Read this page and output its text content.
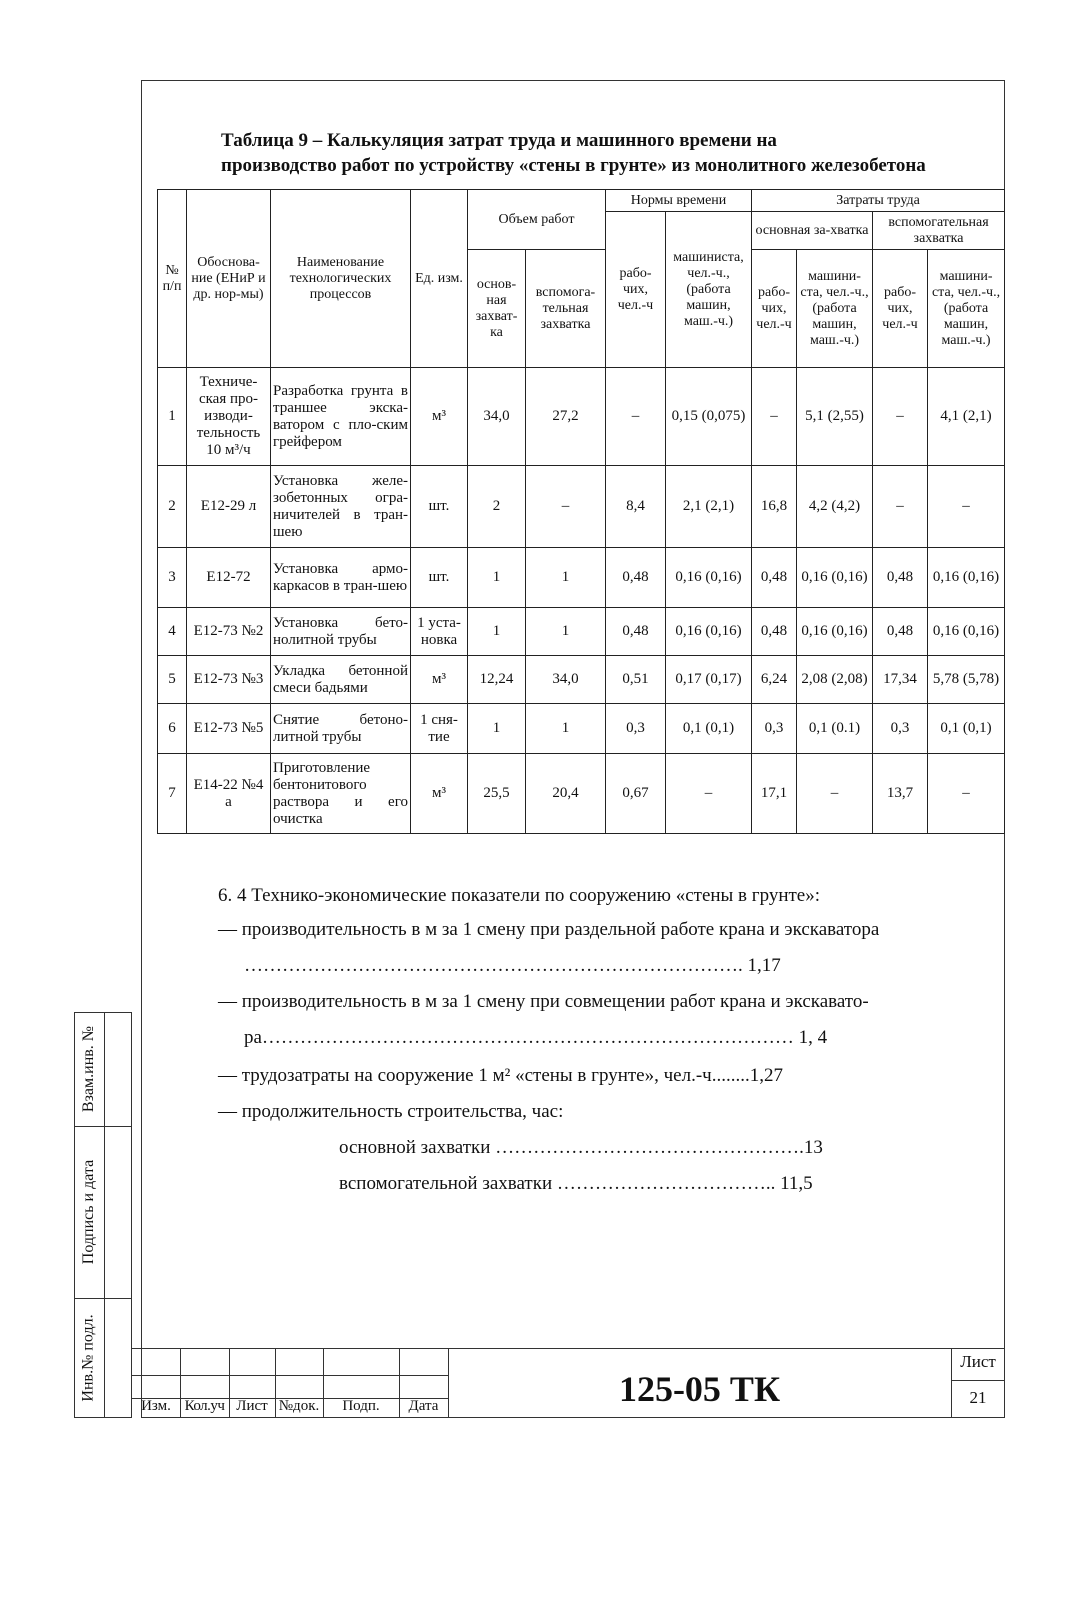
Таблица 9 – Калькуляция затрат труда и машинного времени на
производство работ по устройству «стены в грунте» из монолитного железобетона
№ п/п	Обоснова-ние (ЕНиР и др. нор-мы)	Наименование технологических процессов	Ед. изм.	Объем работ		Нормы времени		Затраты труда			
						рабо-чих, чел.-ч	машиниста, чел.-ч., (работа машин, маш.-ч.)	основная за-хватка		вспомогательная захватка	
				основ-ная захват-ка	вспомога-тельная захватка			рабо-чих, чел.-ч	машини-ста, чел.-ч., (работа машин, маш.-ч.)	рабо-чих, чел.-ч	машини-ста, чел.-ч., (работа машин, маш.-ч.)

1	Техниче-ская про-изводи-тельность 10 м³/ч	Разработка грунта в траншее экска-ватором с пло-ским грейфером	м³	34,0	27,2	–	0,15 (0,075)	–	5,1 (2,55)	–	4,1 (2,1)
2	Е12-29 л	Установка желе-зобетонных огра-ничителей в тран-шею	шт.	2	–	8,4	2,1 (2,1)	16,8	4,2 (4,2)	–	–
3	Е12-72	Установка армо-каркасов в тран-шею	шт.	1	1	0,48	0,16 (0,16)	0,48	0,16 (0,16)	0,48	0,16 (0,16)
4	Е12-73 №2	Установка бето-нолитной трубы	1 уста-новка	1	1	0,48	0,16 (0,16)	0,48	0,16 (0,16)	0,48	0,16 (0,16)
5	Е12-73 №3	Укладка бетонной смеси бадьями	м³	12,24	34,0	0,51	0,17 (0,17)	6,24	2,08 (2,08)	17,34	5,78 (5,78)
6	Е12-73 №5	Снятие бетоно-литной трубы	1 сня-тие	1	1	0,3	0,1 (0,1)	0,3	0,1 (0.1)	0,3	0,1 (0,1)
7	Е14-22 №4 а	Приготовление бентонитового раствора и его очистка	м³	25,5	20,4	0,67	–	17,1	–	13,7	–
6. 4 Технико-экономические показатели по сооружению «стены в грунте»:
— производительность в м за 1 смену при раздельной работе крана и экскаватора
……………………………………………………………………. 1,17
— производительность в м за 1 смену при совмещении работ крана и экскавато-
ра………………………………………………………………………… 1, 4
— трудозатраты на сооружение 1 м² «стены в грунте», чел.-ч........1,27
— продолжительность строительства, час:
основной захватки ………………………………………….13
вспомогательной захватки …………………………….. 11,5
Взам.инв. №
Подпись и дата
Инв.№ подл.
Изм. Кол.уч Лист №док.	Подп.	Дата	125-05 ТК
Лист
21
